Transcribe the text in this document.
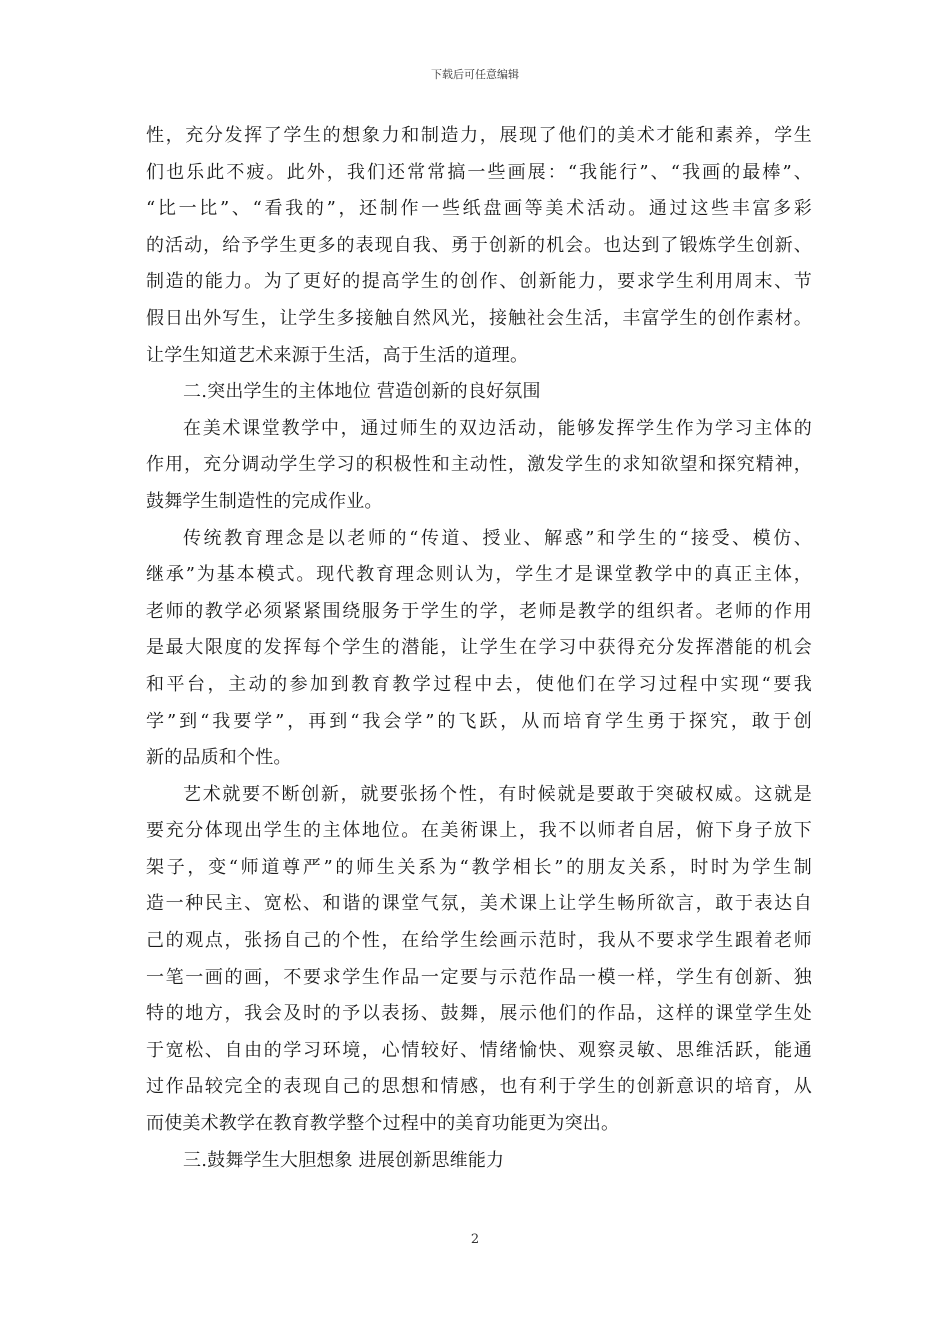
下载后可任意编辑
性，充分发挥了学生的想象力和制造力，展现了他们的美术才能和素养，学生
们也乐此不疲。此外，我们还常常搞一些画展：“我能行”、“我画的最棒”、
“比一比”、“看我的”，还制作一些纸盘画等美术活动。通过这些丰富多彩
的活动，给予学生更多的表现自我、勇于创新的机会。也达到了锻炼学生创新、
制造的能力。为了更好的提高学生的创作、创新能力，要求学生利用周末、节
假日出外写生，让学生多接触自然风光，接触社会生活，丰富学生的创作素材。
让学生知道艺术来源于生活，高于生活的道理。
二.突出学生的主体地位 营造创新的良好氛围
在美术课堂教学中，通过师生的双边活动，能够发挥学生作为学习主体的
作用，充分调动学生学习的积极性和主动性，激发学生的求知欲望和探究精神，
鼓舞学生制造性的完成作业。
传统教育理念是以老师的“传道、授业、解惑”和学生的“接受、模仿、
继承”为基本模式。现代教育理念则认为，学生才是课堂教学中的真正主体，
老师的教学必须紧紧围绕服务于学生的学，老师是教学的组织者。老师的作用
是最大限度的发挥每个学生的潜能，让学生在学习中获得充分发挥潜能的机会
和平台，主动的参加到教育教学过程中去，使他们在学习过程中实现“要我
学”到“我要学”，再到“我会学”的飞跃，从而培育学生勇于探究，敢于创
新的品质和个性。
艺术就要不断创新，就要张扬个性，有时候就是要敢于突破权威。这就是
要充分体现出学生的主体地位。在美術课上，我不以师者自居，俯下身子放下
架子，变“师道尊严”的师生关系为“教学相长”的朋友关系，时时为学生制
造一种民主、宽松、和谐的课堂气氛，美术课上让学生畅所欲言，敢于表达自
己的观点，张扬自己的个性，在给学生绘画示范时，我从不要求学生跟着老师
一笔一画的画，不要求学生作品一定要与示范作品一模一样，学生有创新、独
特的地方，我会及时的予以表扬、鼓舞，展示他们的作品，这样的课堂学生处
于宽松、自由的学习环境，心情较好、情绪愉快、观察灵敏、思维活跃，能通
过作品较完全的表现自己的思想和情感，也有利于学生的创新意识的培育，从
而使美术教学在教育教学整个过程中的美育功能更为突出。
三.鼓舞学生大胆想象 进展创新思维能力
2
